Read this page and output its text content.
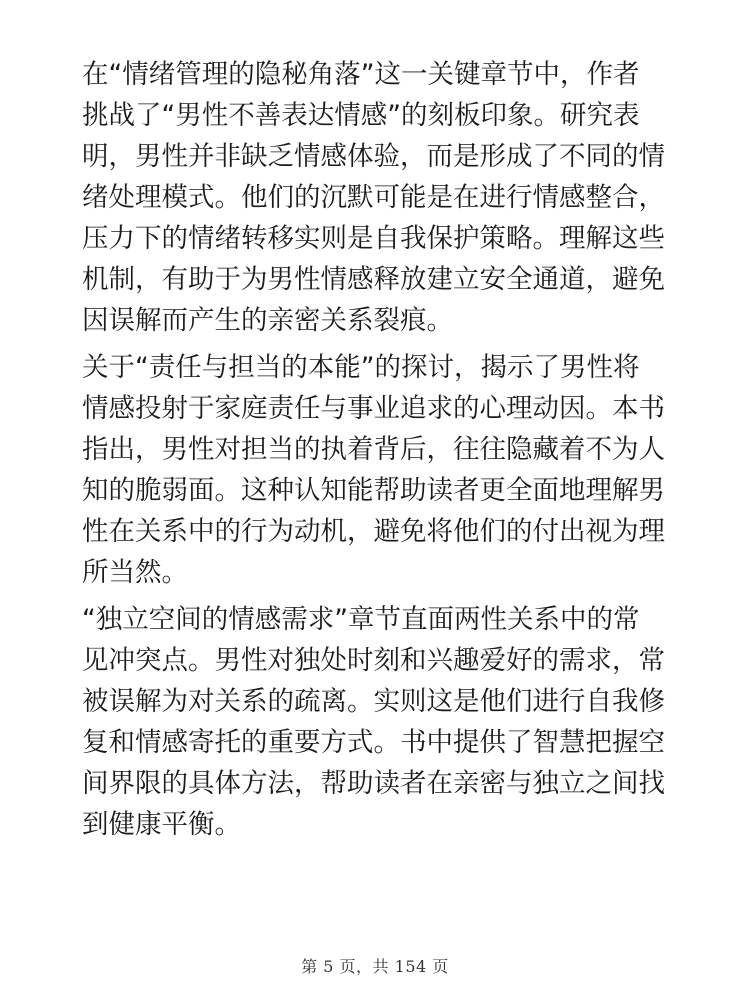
在“情绪管理的隐秘角落”这一关键章节中，作者
挑战了“男性不善表达情感”的刻板印象。研究表
明，男性并非缺乏情感体验，而是形成了不同的情
绪处理模式。他们的沉默可能是在进行情感整合，
压力下的情绪转移实则是自我保护策略。理解这些
机制，有助于为男性情感释放建立安全通道，避免
因误解而产生的亲密关系裂痕。

关于“责任与担当的本能”的探讨，揭示了男性将
情感投射于家庭责任与事业追求的心理动因。本书
指出，男性对担当的执着背后，往往隐藏着不为人
知的脆弱面。这种认知能帮助读者更全面地理解男
性在关系中的行为动机，避免将他们的付出视为理
所当然。

“独立空间的情感需求”章节直面两性关系中的常
见冲突点。男性对独处时刻和兴趣爱好的需求，常
被误解为对关系的疏离。实则这是他们进行自我修
复和情感寄托的重要方式。书中提供了智慧把握空
间界限的具体方法，帮助读者在亲密与独立之间找
到健康平衡。

第 5 页，共 154 页
